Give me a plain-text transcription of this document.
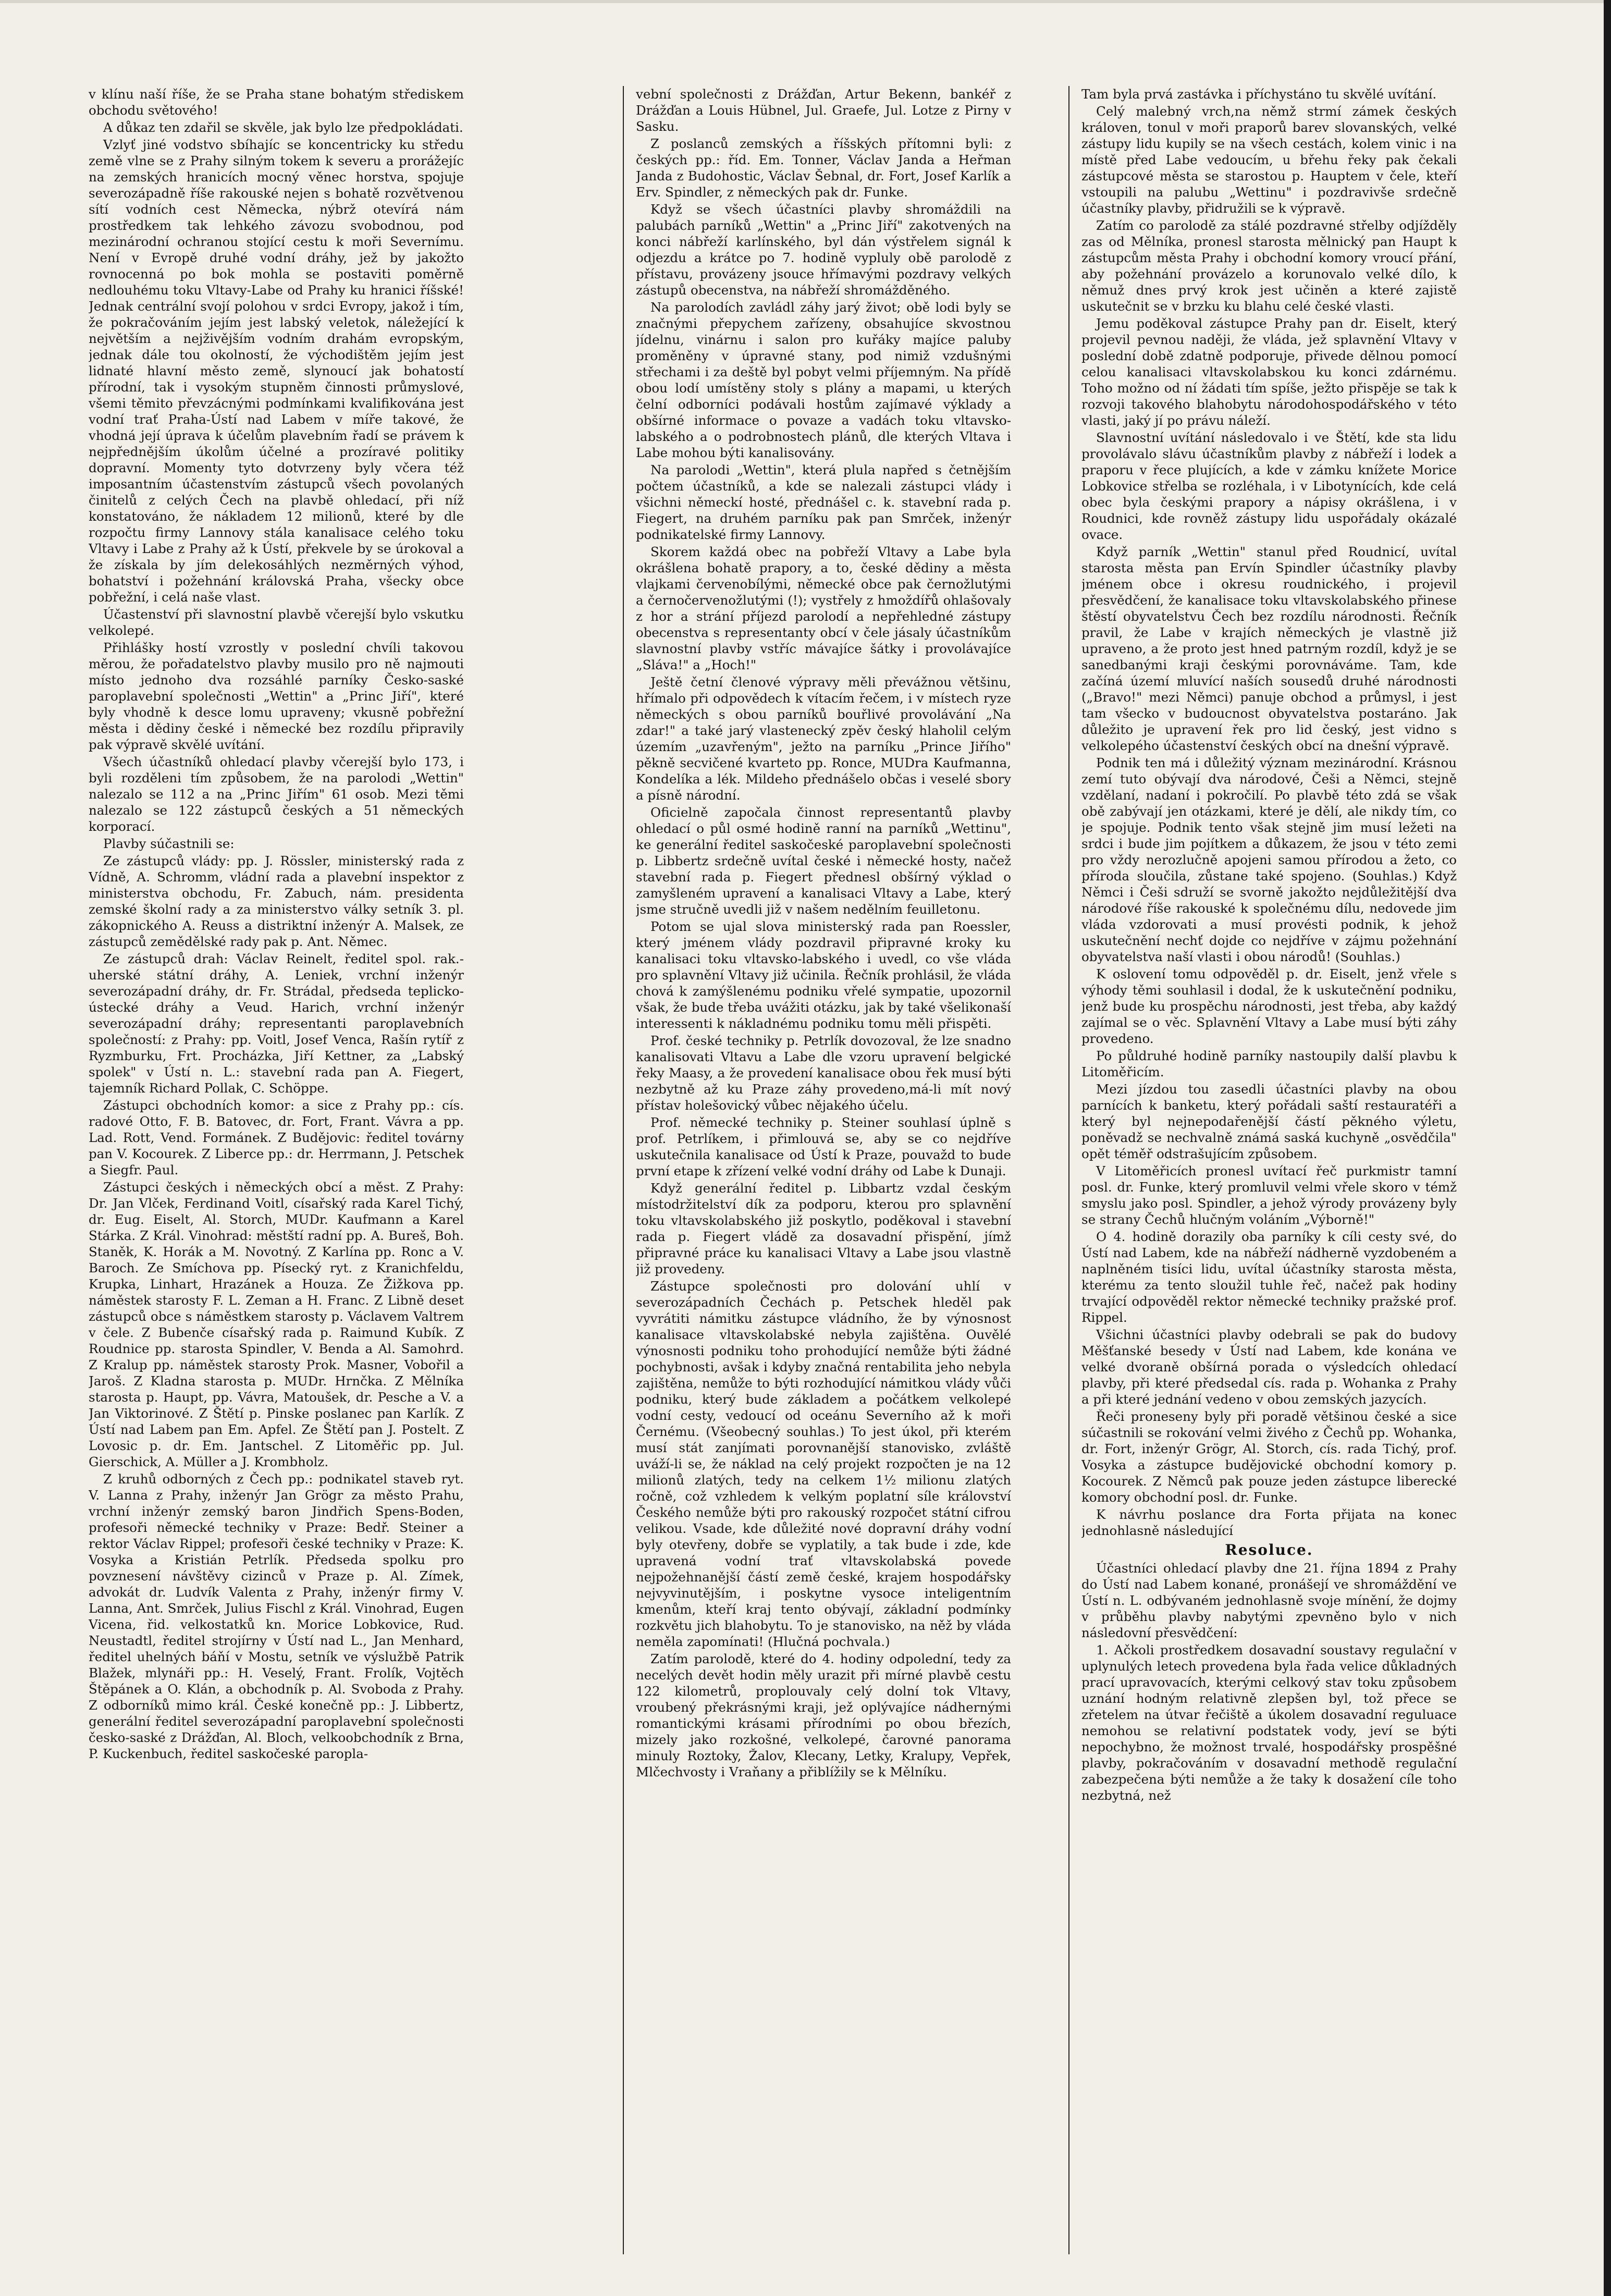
v klínu naší říše, že se Praha stane bohatým střediskem obchodu světového!

A důkaz ten zdařil se skvěle, jak bylo lze předpokládati.

Vzlyť jiné vodstvo sbíhajíc se koncentricky ku středu země vlne se z Prahy silným tokem k severu a prorážejíc na zemských hranicích mocný věnec horstva, spojuje severozápadně říše rakouské nejen s bohatě rozvětvenou sítí vodních cest Německa, nýbrž otevírá nám prostředkem tak lehkého závozu svobodnou, pod mezinárodní ochranou stojící cestu k moři Severnímu. Není v Evropě druhé vodní dráhy, jež by jakožto rovnocenná po bok mohla se postaviti poměrně nedlouhému toku Vltavy-Labe od Prahy ku hranici říšské! Jednak centrální svojí polohou v srdci Evropy, jakož i tím, že pokračováním jejím jest labský veletok, náležející k největším a nejživějším vodním drahám evropským, jednak dále tou okolností, že východištěm jejím jest lidnaté hlavní město země, slynoucí jak bohatostí přírodní, tak i vysokým stupněm činnosti průmyslové, všemi těmito převzácnými podmínkami kvalifikována jest vodní trať Praha-Ústí nad Labem v míře takové, že vhodná její úprava k účelům plavebním řadí se právem k nejpřednějším úkolům účelné a prozíravé politiky dopravní. Momenty tyto dotvrzeny byly včera též imposantním účastenstvím zástupců všech povolaných činitelů z celých Čech na plavbě ohledací, při níž konstatováno, že nákladem 12 milionů, které by dle rozpočtu firmy Lannovy stála kanalisace celého toku Vltavy i Labe z Prahy až k Ústí, překvele by se úrokoval a že získala by jím delekosáhlých nezměrných výhod, bohatství i požehnání královská Praha, všecky obce pobřežní, i celá naše vlast.

Účastenství při slavnostní plavbě včerejší bylo vskutku velkolepé.

Přihlášky hostí vzrostly v poslední chvíli takovou měrou, že pořadatelstvo plavby musilo pro ně najmouti místo jednoho dva rozsáhlé parníky Česko-saské paroplavební společnosti „Wettin" a „Princ Jiří", které byly vhodně k desce lomu upraveny; vkusně pobřežní města i dědiny české i německé bez rozdílu připravily pak výpravě skvělé uvítání.

Všech účastníků ohledací plavby včerejší bylo 173, i byli rozděleni tím způsobem, že na parolodi „Wettin" nalezalo se 112 a na „Princ Jiřím" 61 osob. Mezi těmi nalezalo se 122 zástupců českých a 51 německých korporací.

Plavby súčastnili se:

Ze zástupců vlády: pp. J. Rössler, ministerský rada z Vídně, A. Schromm, vládní rada a plavební inspektor z ministerstva obchodu, Fr. Zabuch, nám. presidenta zemské školní rady a za ministerstvo války setník 3. pl. zákopnického A. Reuss a distriktní inženýr A. Malsek, ze zástupců zemědělské rady pak p. Ant. Němec.

Ze zástupců drah: Václav Reinelt, ředitel spol. rak.-uherské státní dráhy, A. Leniek, vrchní inženýr severozápadní dráhy, dr. Fr. Strádal, předseda teplicko-ústecké dráhy a Veud. Harich, vrchní inženýr severozápadní dráhy; representanti paroplavebních společností: z Prahy: pp. Voitl, Josef Venca, Rašín rytíř z Ryzmburku, Frt. Procházka, Jiří Kettner, za „Labský spolek" v Ústí n. L.: stavební rada pan A. Fiegert, tajemník Richard Pollak, C. Schöppe.

Zástupci obchodních komor: a sice z Prahy pp.: cís. radové Otto, F. B. Batovec, dr. Fort, Frant. Vávra a pp. Lad. Rott, Vend. Formánek. Z Budějovic: ředitel továrny pan V. Kocourek. Z Liberce pp.: dr. Herrmann, J. Petschek a Siegfr. Paul.

Zástupci českých i německých obcí a měst. Z Prahy: Dr. Jan Vlček, Ferdinand Voitl, císařský rada Karel Tichý, dr. Eug. Eiselt, Al. Storch, MUDr. Kaufmann a Karel Stárka. Z Král. Vinohrad: městští radní pp. A. Bureš, Boh. Staněk, K. Horák a M. Novotný. Z Karlína pp. Ronc a V. Baroch. Ze Smíchova pp. Písecký ryt. z Kranichfeldu, Krupka, Linhart, Hrazánek a Houza. Ze Žižkova pp. náměstek starosty F. L. Zeman a H. Franc. Z Libně deset zástupců obce s náměstkem starosty p. Václavem Valtrem v čele. Z Bubenče císařský rada p. Raimund Kubík. Z Roudnice pp. starosta Spindler, V. Benda a Al. Samohrd. Z Kralup pp. náměstek starosty Prok. Masner, Vobořil a Jaroš. Z Kladna starosta p. MUDr. Hrnčka. Z Mělníka starosta p. Haupt, pp. Vávra, Matoušek, dr. Pesche a V. a Jan Viktorinové. Z Štětí p. Pinske poslanec pan Karlík. Z Ústí nad Labem pan Em. Apfel. Ze Štětí pan J. Postelt. Z Lovosic p. dr. Em. Jantschel. Z Litoměřic pp. Jul. Gierschick, A. Müller a J. Krombholz.

Z kruhů odborných z Čech pp.: podnikatel staveb ryt. V. Lanna z Prahy, inženýr Jan Grögr za město Prahu, vrchní inženýr zemský baron Jindřich Spens-Boden, profesoři německé techniky v Praze: Bedř. Steiner a rektor Václav Rippel; profesoři české techniky v Praze: K. Vosyka a Kristián Petrlík. Předseda spolku pro povznesení návštěvy cizinců v Praze p. Al. Zímek, advokát dr. Ludvík Valenta z Prahy, inženýr firmy V. Lanna, Ant. Smrček, Julius Fischl z Král. Vinohrad, Eugen Vicena, řid. velkostatků kn. Morice Lobkovice, Rud. Neustadtl, ředitel strojírny v Ústí nad L., Jan Menhard, ředitel uhelných báňí v Mostu, setník ve výslužbě Patrik Blažek, mlynáři pp.: H. Veselý, Frant. Frolík, Vojtěch Štěpánek a O. Klán, a obchodník p. Al. Svoboda z Prahy. Z odborníků mimo král. České konečně pp.: J. Libbertz, generální ředitel severozápadní paroplavební společnosti česko-saské z Drážďan, Al. Bloch, velkoobchodník z Brna, P. Kuckenbuch, ředitel saskočeské paropla-

vební společnosti z Drážďan, Artur Bekenn, bankéř z Drážďan a Louis Hübnel, Jul. Graefe, Jul. Lotze z Pirny v Sasku.

Z poslanců zemských a říšských přítomni byli: z českých pp.: říd. Em. Tonner, Václav Janda a Heřman Janda z Budohostic, Václav Šebnal, dr. Fort, Josef Karlík a Erv. Spindler, z německých pak dr. Funke.

Když se všech účastníci plavby shromáždili na palubách parníků „Wettin" a „Princ Jiří" zakotvených na konci nábřeží karlínského, byl dán výstřelem signál k odjezdu a krátce po 7. hodině vypluly obě parolodě z přístavu, provázeny jsouce hřímavými pozdravy velkých zástupů obecenstva, na nábřeží shromážděného.

Na parolodích zavládl záhy jarý život; obě lodi byly se značnými přepychem zařízeny, obsahujíce skvostnou jídelnu, vinárnu i salon pro kuřáky majíce paluby proměněny v úpravné stany, pod nimiž vzdušnými střechami i za deště byl pobyt velmi příjemným. Na přídě obou lodí umístěny stoly s plány a mapami, u kterých čelní odborníci podávali hostům zajímavé výklady a obšírné informace o povaze a vadách toku vltavsko-labského a o podrobnostech plánů, dle kterých Vltava i Labe mohou býti kanalisovány.

Na parolodi „Wettin", která plula napřed s četnějším počtem účastníků, a kde se nalezali zástupci vlády i všichni německí hosté, přednášel c. k. stavební rada p. Fiegert, na druhém parníku pak pan Smrček, inženýr podnikatelské firmy Lannovy.

Skorem každá obec na pobřeží Vltavy a Labe byla okrášlena bohatě prapory, a to, české dědiny a města vlajkami červenobílými, německé obce pak černožlutými a černočervenožlutými (!); vystřely z hmoždířů ohlašovaly z hor a strání příjezd parolodí a nepřehledné zástupy obecenstva s representanty obcí v čele jásaly účastníkům slavnostní plavby vstříc mávajíce šátky i provolávajíce „Sláva!" a „Hoch!"

Ještě četní členové výpravy měli převážnou většinu, hřímalo při odpovědech k vítacím řečem, i v místech ryze německých s obou parníků bouřlivé provolávání „Na zdar!" a také jarý vlastenecký zpěv český hlaholil celým územím „uzavřeným", ježto na parníku „Prince Jiřího" pěkně secvičené kvarteto pp. Ronce, MUDra Kaufmanna, Kondelíka a lék. Mildeho přednášelo občas i veselé sbory a písně národní.

Oficielně započala činnost representantů plavby ohledací o půl osmé hodině ranní na parníků „Wettinu", ke generální ředitel saskočeské paroplavební společnosti p. Libbertz srdečně uvítal české i německé hosty, načež stavební rada p. Fiegert přednesl obšírný výklad o zamyšleném upravení a kanalisaci Vltavy a Labe, který jsme stručně uvedli již v našem nedělním feuilletonu.

Potom se ujal slova ministerský rada pan Roessler, který jménem vlády pozdravil připravné kroky ku kanalisaci toku vltavsko-labského i uvedl, co vše vláda pro splavnění Vltavy již učinila. Řečník prohlásil, že vláda chová k zamýšlenému podniku vřelé sympatie, upozornil však, že bude třeba uvážiti otázku, jak by také všelikonaší interessenti k nákladnému podniku tomu měli přispěti.

Prof. české techniky p. Petrlík dovozoval, že lze snadno kanalisovati Vltavu a Labe dle vzoru upravení belgické řeky Maasy, a že provedení kanalisace obou řek musí býti nezbytně až ku Praze záhy provedeno,má-li mít nový přístav holešovický vůbec nějakého účelu.

Prof. německé techniky p. Steiner souhlasí úplně s prof. Petrlíkem, i přimlouvá se, aby se co nejdříve uskutečnila kanalisace od Ústí k Praze, pouvažd to bude první etape k zřízení velké vodní dráhy od Labe k Dunaji.

Když generální ředitel p. Libbartz vzdal českým místodržitelství dík za podporu, kterou pro splavnění toku vltavskolabského již poskytlo, poděkoval i stavební rada p. Fiegert vládě za dosavadní přispění, jímž připravné práce ku kanalisaci Vltavy a Labe jsou vlastně již provedeny.

Zástupce společnosti pro dolování uhlí v severozápadních Čechách p. Petschek hleděl pak vyvrátiti námitku zástupce vládního, že by výnosnost kanalisace vltavskolabské nebyla zajištěna. Ouvělé výnosnosti podniku toho prohodující nemůže býti žádné pochybnosti, avšak i kdyby značná rentabilita jeho nebyla zajištěna, nemůže to býti rozhodující námitkou vlády vůči podniku, který bude základem a počátkem velkolepé vodní cesty, vedoucí od oceánu Severního až k moři Černému. (Všeobecný souhlas.) To jest úkol, při kterém musí stát zanjímati porovnanější stanovisko, zvláště uváží-li se, že náklad na celý projekt rozpočten je na 12 milionů zlatých, tedy na celkem 1½ milionu zlatých ročně, což vzhledem k velkým poplatní síle království Českého nemůže býti pro rakouský rozpočet státní cifrou velikou. Vsade, kde důležité nové dopravní dráhy vodní byly otevřeny, dobře se vyplatily, a tak bude i zde, kde upravená vodní trať vltavskolabská povede nejpožehnanější částí země české, krajem hospodářsky nejvyvinutějším, i poskytne vysoce inteligentním kmenům, kteří kraj tento obývají, základní podmínky rozkvětu jich blahobytu. To je stanovisko, na něž by vláda neměla zapomínati! (Hlučná pochvala.)

Zatím parolodě, které do 4. hodiny odpolední, tedy za necelých devět hodin měly urazit při mírné plavbě cestu 122 kilometrů, proplouvaly celý dolní tok Vltavy, vroubený překrásnými kraji, jež oplývajíce nádhernými romantickými krásami přírodními po obou březích, mizely jako rozkošné, velkolepé, čarovné panorama minuly Roztoky, Žalov, Klecany, Letky, Kralupy, Vepřek, Mlčechvosty i Vraňany a přiblížily se k Mělníku.

Tam byla prvá zastávka i příchystáno tu skvělé uvítání.

Celý malebný vrch,na němž strmí zámek českých královen, tonul v moři praporů barev slovanských, velké zástupy lidu kupily se na všech cestách, kolem vinic i na místě před Labe vedoucím, u břehu řeky pak čekali zástupcové města se starostou p. Hauptem v čele, kteří vstoupili na palubu „Wettinu" i pozdravivše srdečně účastníky plavby, přidružili se k výpravě.

Zatím co parolodě za stálé pozdravné střelby odjížděly zas od Mělníka, pronesl starosta mělnický pan Haupt k zástupcům města Prahy i obchodní komory vroucí přání, aby požehnání provázelo a korunovalo velké dílo, k němuž dnes prvý krok jest učiněn a které zajistě uskutečnit se v brzku ku blahu celé české vlasti.

Jemu poděkoval zástupce Prahy pan dr. Eiselt, který projevil pevnou naději, že vláda, jež splavnění Vltavy v poslední době zdatně podporuje, přivede dělnou pomocí celou kanalisaci vltavskolabskou ku konci zdárnému. Toho možno od ní žádati tím spíše, ježto přispěje se tak k rozvoji takového blahobytu národohospodářského v této vlasti, jaký jí po právu náleží.

Slavnostní uvítání následovalo i ve Štětí, kde sta lidu provolávalo slávu účastníkům plavby z nábřeží i lodek a praporu v řece plujících, a kde v zámku knížete Morice Lobkovice střelba se rozléhala, i v Libotynících, kde celá obec byla českými prapory a nápisy okrášlena, i v Roudnici, kde rovněž zástupy lidu uspořádaly okázalé ovace.

Když parník „Wettin" stanul před Roudnicí, uvítal starosta města pan Ervín Spindler účastníky plavby jménem obce i okresu roudnického, i projevil přesvědčení, že kanalisace toku vltavskolabského přinese štěstí obyvatelstvu Čech bez rozdílu národnosti. Řečník pravil, že Labe v krajích německých je vlastně již upraveno, a že proto jest hned patrným rozdíl, když je se sanedbanými kraji českými porovnáváme. Tam, kde začíná území mluvící naších sousedů druhé národnosti („Bravo!" mezi Němci) panuje obchod a průmysl, i jest tam všecko v budoucnost obyvatelstva postaráno. Jak důležito je upravení řek pro lid český, jest vidno s velkolepého účastenství českých obcí na dnešní výpravě.

Podnik ten má i důležitý význam mezinárodní. Krásnou zemí tuto obývají dva národové, Češi a Němci, stejně vzdělaní, nadaní i pokročilí. Po plavbě této zdá se však obě zabývají jen otázkami, které je dělí, ale nikdy tím, co je spojuje. Podnik tento však stejně jim musí ležeti na srdci i bude jim pojítkem a důkazem, že jsou v této zemi pro vždy nerozlučně apojeni samou přírodou a žeto, co příroda sloučila, zůstane také spojeno. (Souhlas.) Když Němci i Češi sdruží se svorně jakožto nejdůležitější dva národové říše rakouské k společnému dílu, nedovede jim vláda vzdorovati a musí provésti podnik, k jehož uskutečnění nechť dojde co nejdříve v zájmu požehnání obyvatelstva naší vlasti i obou národů! (Souhlas.)

K oslovení tomu odpověděl p. dr. Eiselt, jenž vřele s výhody těmi souhlasil i dodal, že k uskutečnění podniku, jenž bude ku prospěchu národnosti, jest třeba, aby každý zajímal se o věc. Splavnění Vltavy a Labe musí býti záhy provedeno.

Po půldruhé hodině parníky nastoupily další plavbu k Litoměřicím.

Mezi jízdou tou zasedli účastníci plavby na obou parnících k banketu, který pořádali saští restauratéři a který byl nejnepodařenější částí pěkného výletu, poněvadž se nechvalně známá saská kuchyně „osvědčila" opět téměř odstrašujícím způsobem.

V Litoměřicích pronesl uvítací řeč purkmistr tamní posl. dr. Funke, který promluvil velmi vřele skoro v témž smyslu jako posl. Spindler, a jehož výrody provázeny byly se strany Čechů hlučným voláním „Výborně!"

O 4. hodině dorazily oba parníky k cíli cesty své, do Ústí nad Labem, kde na nábřeží nádherně vyzdobeném a naplněném tisíci lidu, uvítal účastníky starosta města, kterému za tento sloužil tuhle řeč, načež pak hodiny trvající odpověděl rektor německé techniky pražské prof. Rippel.

Všichni účastníci plavby odebrali se pak do budovy Měšťanské besedy v Ústí nad Labem, kde konána ve velké dvoraně obšírná porada o výsledcích ohledací plavby, při které předsedal cís. rada p. Wohanka z Prahy a při které jednání vedeno v obou zemských jazycích.

Řeči proneseny byly při poradě většinou české a sice súčastnili se rokování velmi živého z Čechů pp. Wohanka, dr. Fort, inženýr Grögr, Al. Storch, cís. rada Tichý, prof. Vosyka a zástupce budějovické obchodní komory p. Kocourek. Z Němců pak pouze jeden zástupce liberecké komory obchodní posl. dr. Funke.

K návrhu poslance dra Forta přijata na konec jednohlasně následující

Resoluce.

Účastníci ohledací plavby dne 21. října 1894 z Prahy do Ústí nad Labem konané, pronášejí ve shromáždění ve Ústí n. L. odbývaném jednohlasně svoje mínění, že dojmy v průběhu plavby nabytými zpevněno bylo v nich následovní přesvědčení:

1. Ačkoli prostředkem dosavadní soustavy regulační v uplynulých letech provedena byla řada velice důkladných prací upravovacích, kterými celkový stav toku způsobem uznání hodným relativně zlepšen byl, tož přece se zřetelem na útvar řečiště a úkolem dosavadní reguluace nemohou se relativní podstatek vody, jeví se býti nepochybno, že možnost trvalé, hospodářsky prospěšné plavby, pokračováním v dosavadní methodě regulační zabezpečena býti nemůže a že taky k dosažení cíle toho nezbytná, než
